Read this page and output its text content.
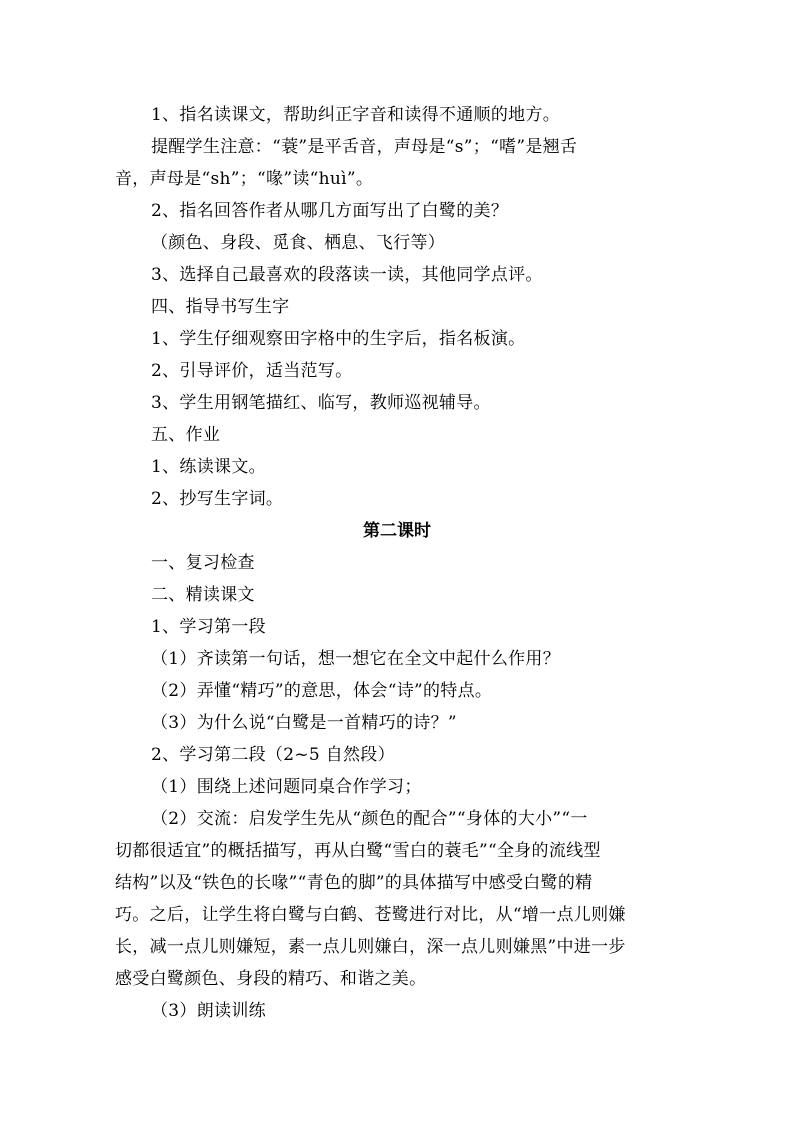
1、指名读课文，帮助纠正字音和读得不通顺的地方。
提醒学生注意：“蓑”是平舌音，声母是“s”；“嗜”是翘舌
音，声母是“sh”；“喙”读“huì”。
2、指名回答作者从哪几方面写出了白鹭的美？
（颜色、身段、觅食、栖息、飞行等）
3、选择自己最喜欢的段落读一读，其他同学点评。
四、指导书写生字
1、学生仔细观察田字格中的生字后，指名板演。
2、引导评价，适当范写。
3、学生用钢笔描红、临写，教师巡视辅导。
五、作业
1、练读课文。
2、抄写生字词。
第二课时
一、复习检查
二、精读课文
1、学习第一段
（1）齐读第一句话，想一想它在全文中起什么作用？
（2）弄懂“精巧”的意思，体会“诗”的特点。
（3）为什么说“白鹭是一首精巧的诗？”
2、学习第二段（2~5 自然段）
（1）围绕上述问题同桌合作学习；
（2）交流：启发学生先从“颜色的配合”“身体的大小”“一
切都很适宜”的概括描写，再从白鹭“雪白的蓑毛”“全身的流线型
结构”以及“铁色的长喙”“青色的脚”的具体描写中感受白鹭的精
巧。之后，让学生将白鹭与白鹤、苍鹭进行对比，从“增一点儿则嫌
长，减一点儿则嫌短，素一点儿则嫌白，深一点儿则嫌黑”中进一步
感受白鹭颜色、身段的精巧、和谐之美。
（3）朗读训练
